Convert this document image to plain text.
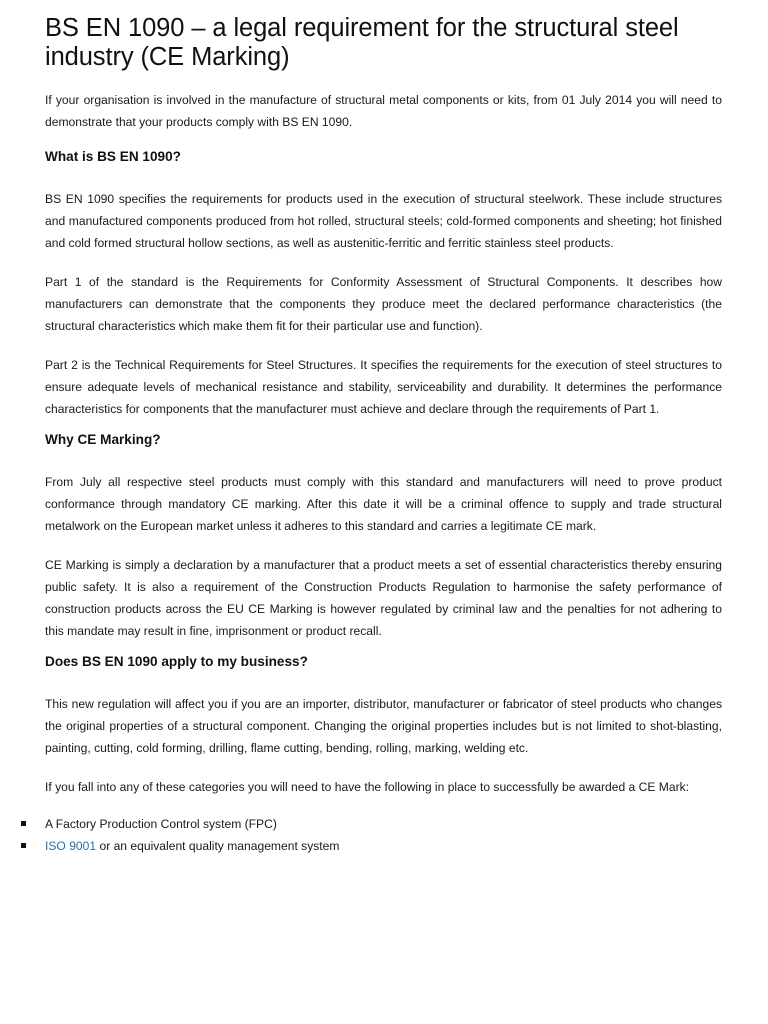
BS EN 1090 – a legal requirement for the structural steel industry (CE Marking)

If your organisation is involved in the manufacture of structural metal components or kits, from 01 July 2014 you will need to demonstrate that your products comply with BS EN 1090.

What is BS EN 1090?

BS EN 1090 specifies the requirements for products used in the execution of structural steelwork. These include structures and manufactured components produced from hot rolled, structural steels; cold-formed components and sheeting; hot finished and cold formed structural hollow sections, as well as austenitic-ferritic and ferritic stainless steel products.

Part 1 of the standard is the Requirements for Conformity Assessment of Structural Components. It describes how manufacturers can demonstrate that the components they produce meet the declared performance characteristics (the structural characteristics which make them fit for their particular use and function).

Part 2 is the Technical Requirements for Steel Structures. It specifies the requirements for the execution of steel structures to ensure adequate levels of mechanical resistance and stability, serviceability and durability. It determines the performance characteristics for components that the manufacturer must achieve and declare through the requirements of Part 1.

Why CE Marking?

From July all respective steel products must comply with this standard and manufacturers will need to prove product conformance through mandatory CE marking. After this date it will be a criminal offence to supply and trade structural metalwork on the European market unless it adheres to this standard and carries a legitimate CE mark.

CE Marking is simply a declaration by a manufacturer that a product meets a set of essential characteristics thereby ensuring public safety. It is also a requirement of the Construction Products Regulation to harmonise the safety performance of construction products across the EU CE Marking is however regulated by criminal law and the penalties for not adhering to this mandate may result in fine, imprisonment or product recall.

Does BS EN 1090 apply to my business?

This new regulation will affect you if you are an importer, distributor, manufacturer or fabricator of steel products who changes the original properties of a structural component. Changing the original properties includes but is not limited to shot-blasting, painting, cutting, cold forming, drilling, flame cutting, bending, rolling, marking, welding etc.

If you fall into any of these categories you will need to have the following in place to successfully be awarded a CE Mark:

A Factory Production Control system (FPC)
ISO 9001 or an equivalent quality management system
